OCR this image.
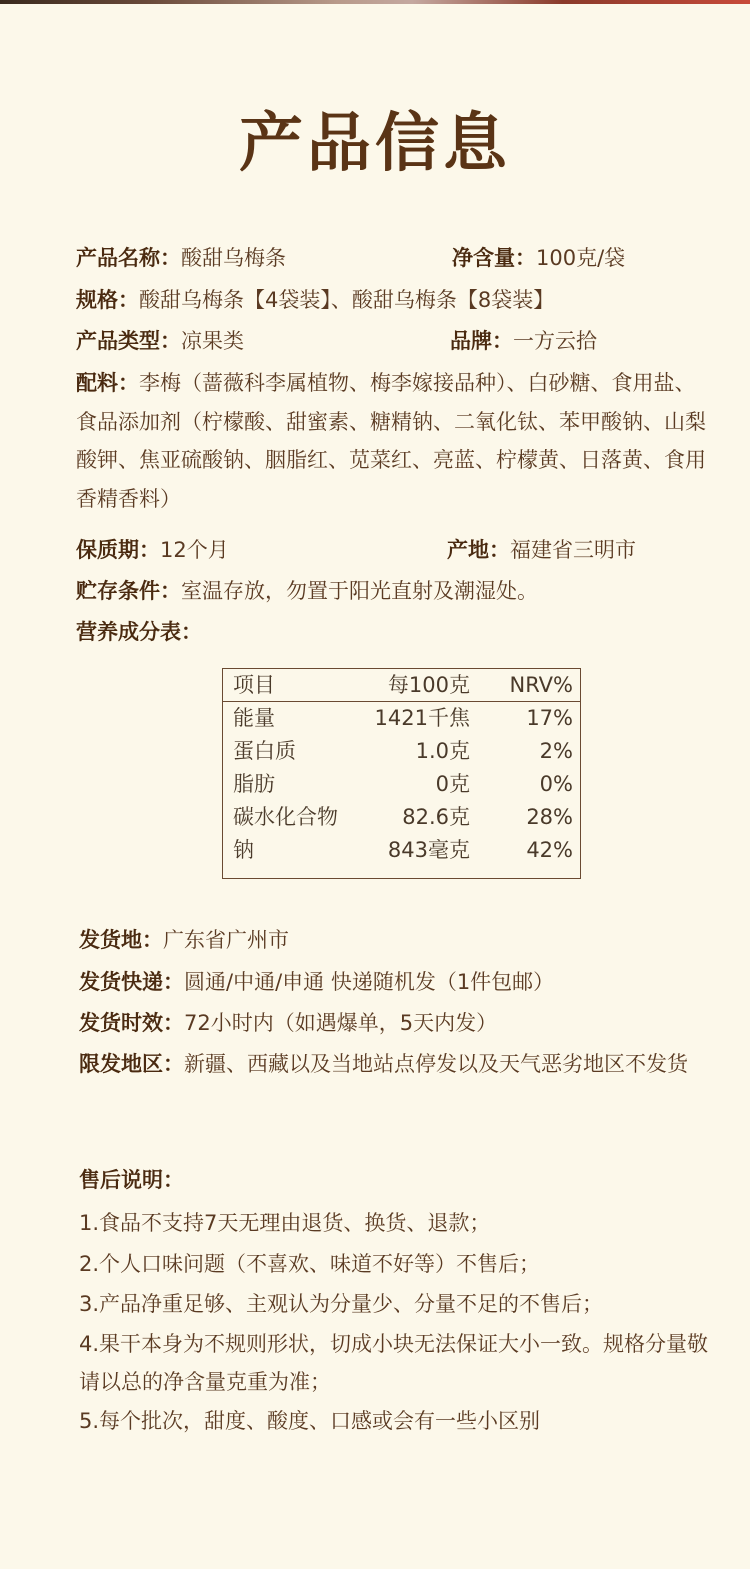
产品信息
产品名称：酸甜乌梅条	净含量：100克/袋
规格：酸甜乌梅条【4袋装】、酸甜乌梅条【8袋装】
产品类型：凉果类	品牌：一方云拾
配料：李梅（蔷薇科李属植物、梅李嫁接品种）、白砂糖、食用盐、食品添加剂（柠檬酸、甜蜜素、糖精钠、二氧化钛、苯甲酸钠、山梨酸钾、焦亚硫酸钠、胭脂红、苋菜红、亮蓝、柠檬黄、日落黄、食用香精香料）
保质期：12个月	产地：福建省三明市
贮存条件：室温存放，勿置于阳光直射及潮湿处。
营养成分表：
项目	每100克 NRV%
能量	1421千焦	17%
蛋白质	1.0克	2%
脂肪	0克	0%
碳水化合物	82.6克	28%
钠	843毫克	42%
发货地：广东省广州市
发货快递：圆通/中通/申通 快递随机发（1件包邮）
发货时效：72小时内（如遇爆单，5天内发）
限发地区：新疆、西藏以及当地站点停发以及天气恶劣地区不发货
售后说明：
1.食品不支持7天无理由退货、换货、退款；
2.个人口味问题（不喜欢、味道不好等）不售后；
3.产品净重足够、主观认为分量少、分量不足的不售后；
4.果干本身为不规则形状，切成小块无法保证大小一致。规格分量敬请以总的净含量克重为准；
5.每个批次，甜度、酸度、口感或会有一些小区别
